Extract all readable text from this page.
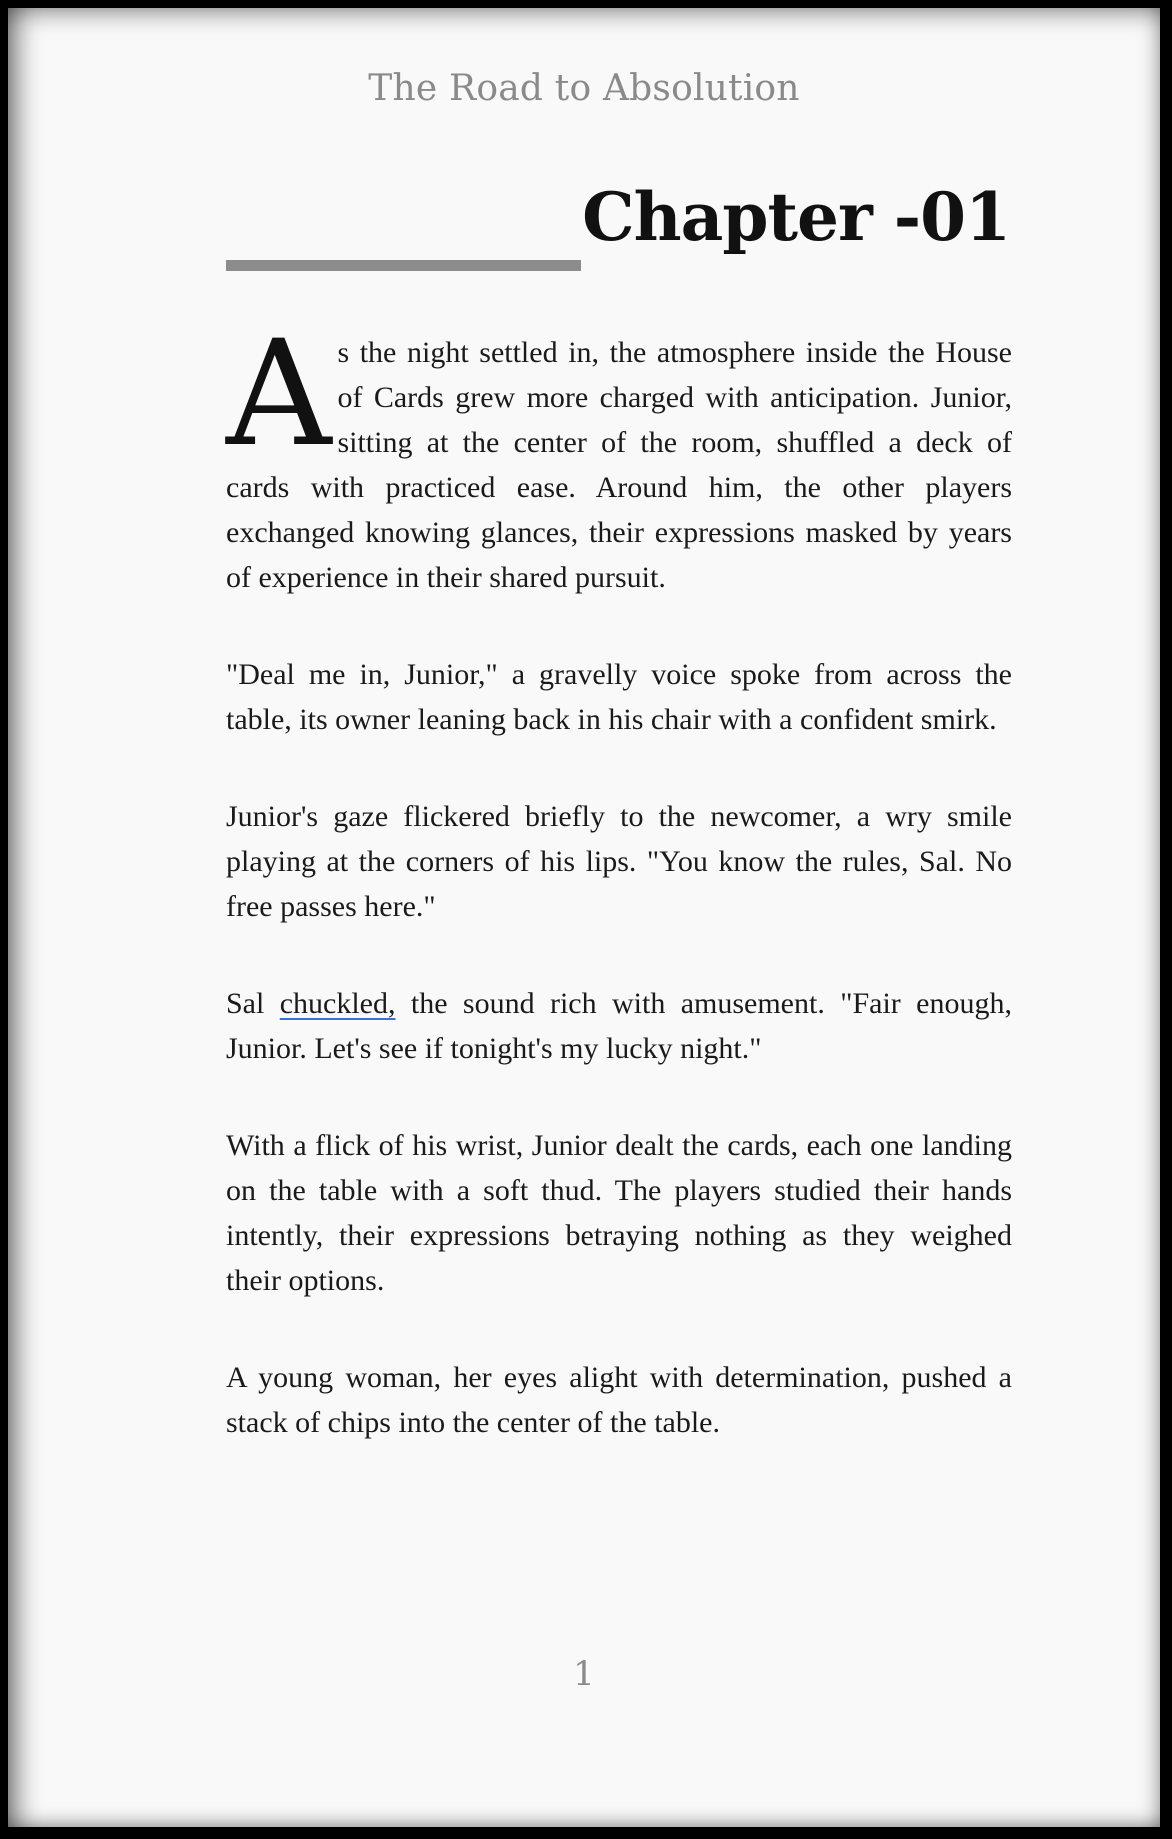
The Road to Absolution
Chapter -01

As the night settled in, the atmosphere inside the House of Cards grew more charged with anticipation. Junior, sitting at the center of the room, shuffled a deck of cards with practiced ease. Around him, the other players exchanged knowing glances, their expressions masked by years of experience in their shared pursuit.

"Deal me in, Junior," a gravelly voice spoke from across the table, its owner leaning back in his chair with a confident smirk.

Junior's gaze flickered briefly to the newcomer, a wry smile playing at the corners of his lips. "You know the rules, Sal. No free passes here."

Sal chuckled, the sound rich with amusement. "Fair enough, Junior. Let's see if tonight's my lucky night."

With a flick of his wrist, Junior dealt the cards, each one landing on the table with a soft thud. The players studied their hands intently, their expressions betraying nothing as they weighed their options.

A young woman, her eyes alight with determination, pushed a stack of chips into the center of the table.

1
